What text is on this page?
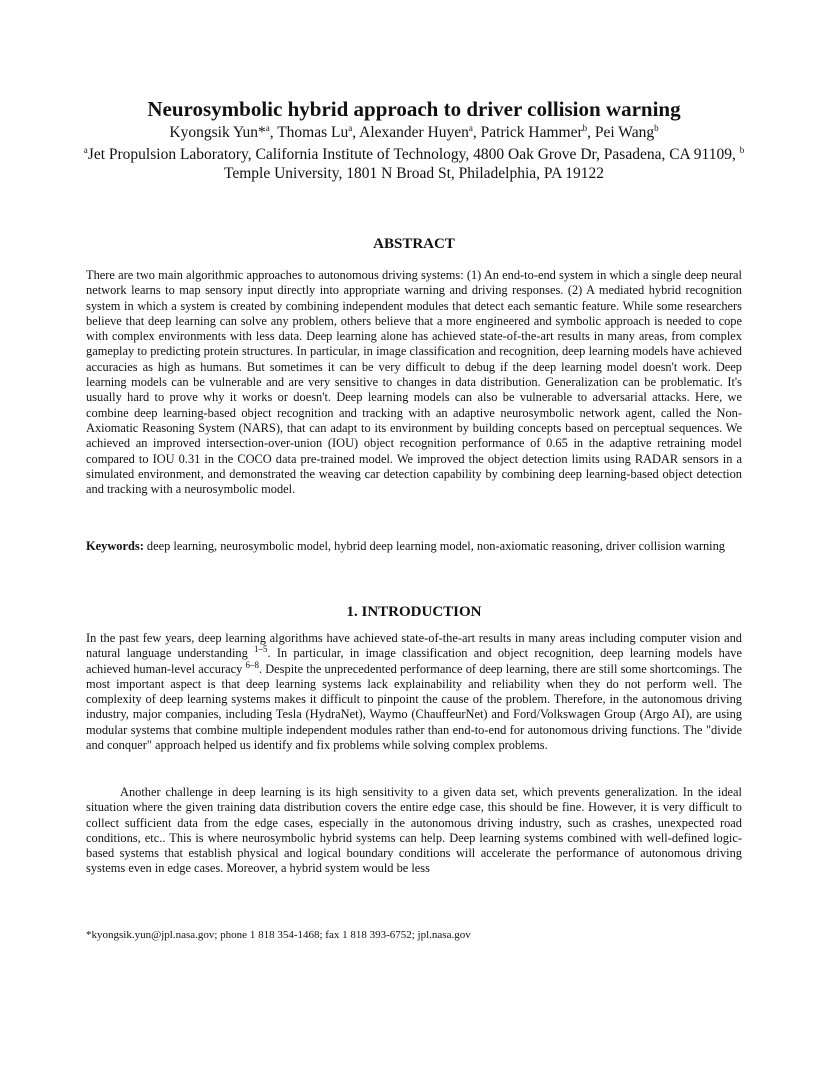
Neurosymbolic hybrid approach to driver collision warning
Kyongsik Yun*$^a$, Thomas Lu$^a$, Alexander Huyen$^a$, Patrick Hammer$^b$, Pei Wang$^b$
$^a$Jet Propulsion Laboratory, California Institute of Technology, 4800 Oak Grove Dr, Pasadena, CA 91109, $^b$ Temple University, 1801 N Broad St, Philadelphia, PA 19122
ABSTRACT
There are two main algorithmic approaches to autonomous driving systems: (1) An end-to-end system in which a single deep neural network learns to map sensory input directly into appropriate warning and driving responses. (2) A mediated hybrid recognition system in which a system is created by combining independent modules that detect each semantic feature. While some researchers believe that deep learning can solve any problem, others believe that a more engineered and symbolic approach is needed to cope with complex environments with less data. Deep learning alone has achieved state-of-the-art results in many areas, from complex gameplay to predicting protein structures. In particular, in image classification and recognition, deep learning models have achieved accuracies as high as humans. But sometimes it can be very difficult to debug if the deep learning model doesn't work. Deep learning models can be vulnerable and are very sensitive to changes in data distribution. Generalization can be problematic. It's usually hard to prove why it works or doesn't. Deep learning models can also be vulnerable to adversarial attacks. Here, we combine deep learning-based object recognition and tracking with an adaptive neurosymbolic network agent, called the Non-Axiomatic Reasoning System (NARS), that can adapt to its environment by building concepts based on perceptual sequences. We achieved an improved intersection-over-union (IOU) object recognition performance of 0.65 in the adaptive retraining model compared to IOU 0.31 in the COCO data pre-trained model. We improved the object detection limits using RADAR sensors in a simulated environment, and demonstrated the weaving car detection capability by combining deep learning-based object detection and tracking with a neurosymbolic model.
Keywords: deep learning, neurosymbolic model, hybrid deep learning model, non-axiomatic reasoning, driver collision warning
1. INTRODUCTION
In the past few years, deep learning algorithms have achieved state-of-the-art results in many areas including computer vision and natural language understanding $^{1-5}$. In particular, in image classification and object recognition, deep learning models have achieved human-level accuracy $^{6-8}$. Despite the unprecedented performance of deep learning, there are still some shortcomings. The most important aspect is that deep learning systems lack explainability and reliability when they do not perform well. The complexity of deep learning systems makes it difficult to pinpoint the cause of the problem. Therefore, in the autonomous driving industry, major companies, including Tesla (HydraNet), Waymo (ChauffeurNet) and Ford/Volkswagen Group (Argo AI), are using modular systems that combine multiple independent modules rather than end-to-end for autonomous driving functions. The "divide and conquer" approach helped us identify and fix problems while solving complex problems.
Another challenge in deep learning is its high sensitivity to a given data set, which prevents generalization. In the ideal situation where the given training data distribution covers the entire edge case, this should be fine. However, it is very difficult to collect sufficient data from the edge cases, especially in the autonomous driving industry, such as crashes, unexpected road conditions, etc.. This is where neurosymbolic hybrid systems can help. Deep learning systems combined with well-defined logic-based systems that establish physical and logical boundary conditions will accelerate the performance of autonomous driving systems even in edge cases. Moreover, a hybrid system would be less
*kyongsik.yun@jpl.nasa.gov; phone 1 818 354-1468; fax 1 818 393-6752; jpl.nasa.gov
